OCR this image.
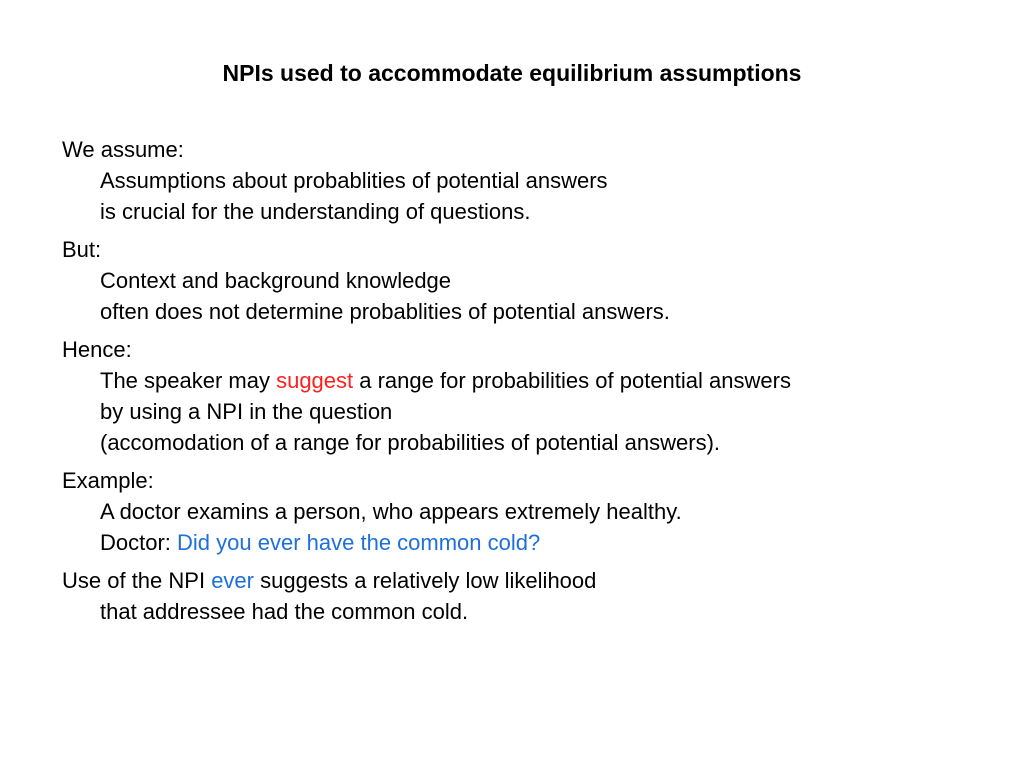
NPIs used to accommodate equilibrium assumptions
We assume:
Assumptions about probablities of potential answers
is crucial for the understanding of questions.
But:
Context and background knowledge
often does not determine probablities of potential answers.
Hence:
The speaker may suggest a range for probabilities of potential answers
by using a NPI in the question
(accomodation of a range for probabilities of potential answers).
Example:
A doctor examins a person, who appears extremely healthy.
Doctor: Did you ever have the common cold?
Use of the NPI ever suggests a relatively low likelihood
that addressee had the common cold.
